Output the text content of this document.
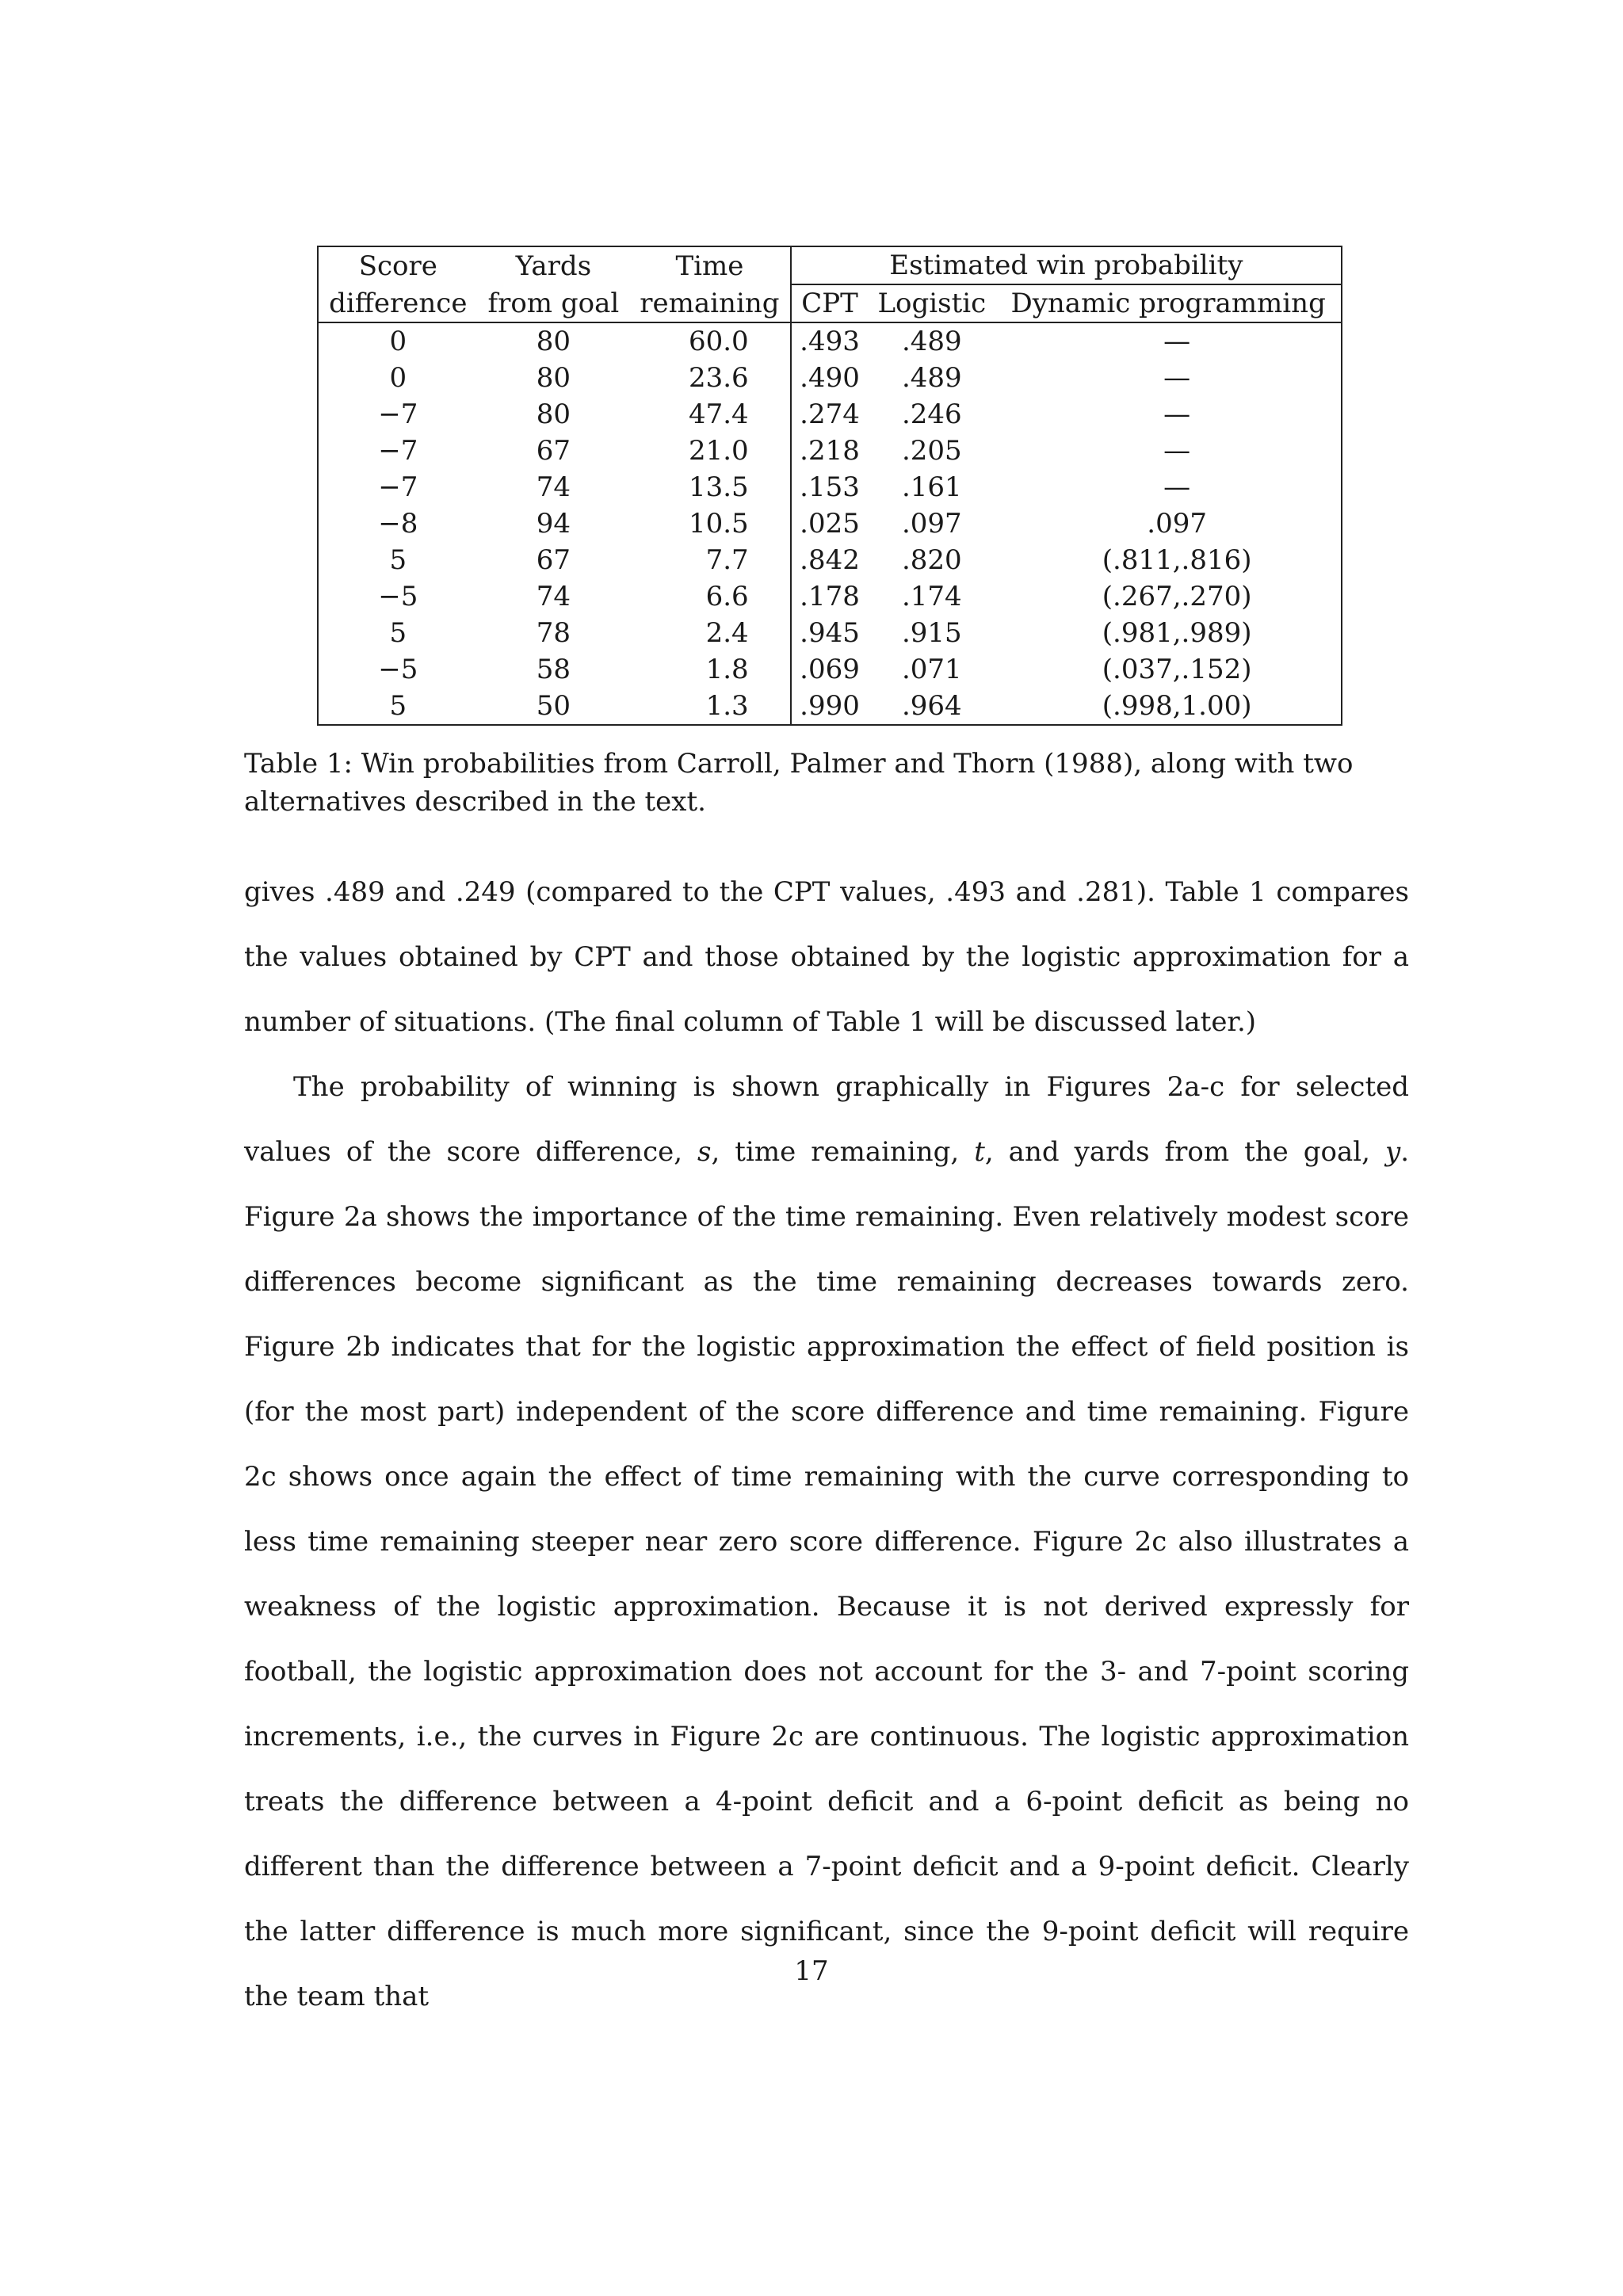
Score	Yards	Time	Estimated win probability		
difference	from goal	remaining	CPT	Logistic	Dynamic programming
0	80	60.0	.493	.489	—
0	80	23.6	.490	.489	—
−7	80	47.4	.274	.246	—
−7	67	21.0	.218	.205	—
−7	74	13.5	.153	.161	—
−8	94	10.5	.025	.097	.097
5	67	7.7	.842	.820	(.811,.816)
−5	74	6.6	.178	.174	(.267,.270)
5	78	2.4	.945	.915	(.981,.989)
−5	58	1.8	.069	.071	(.037,.152)
5	50	1.3	.990	.964	(.998,1.00)

Table 1: Win probabilities from Carroll, Palmer and Thorn (1988), along with two alternatives described in the text.

gives .489 and .249 (compared to the CPT values, .493 and .281). Table 1 compares the values obtained by CPT and those obtained by the logistic approximation for a number of situations. (The final column of Table 1 will be discussed later.)

The probability of winning is shown graphically in Figures 2a-c for selected values of the score difference, s, time remaining, t, and yards from the goal, y. Figure 2a shows the importance of the time remaining. Even relatively modest score differences become significant as the time remaining decreases towards zero. Figure 2b indicates that for the logistic approximation the effect of field position is (for the most part) independent of the score difference and time remaining. Figure 2c shows once again the effect of time remaining with the curve corresponding to less time remaining steeper near zero score difference. Figure 2c also illustrates a weakness of the logistic approximation. Because it is not derived expressly for football, the logistic approximation does not account for the 3- and 7-point scoring increments, i.e., the curves in Figure 2c are continuous. The logistic approximation treats the difference between a 4-point deficit and a 6-point deficit as being no different than the difference between a 7-point deficit and a 9-point deficit. Clearly the latter difference is much more significant, since the 9-point deficit will require the team that

17
